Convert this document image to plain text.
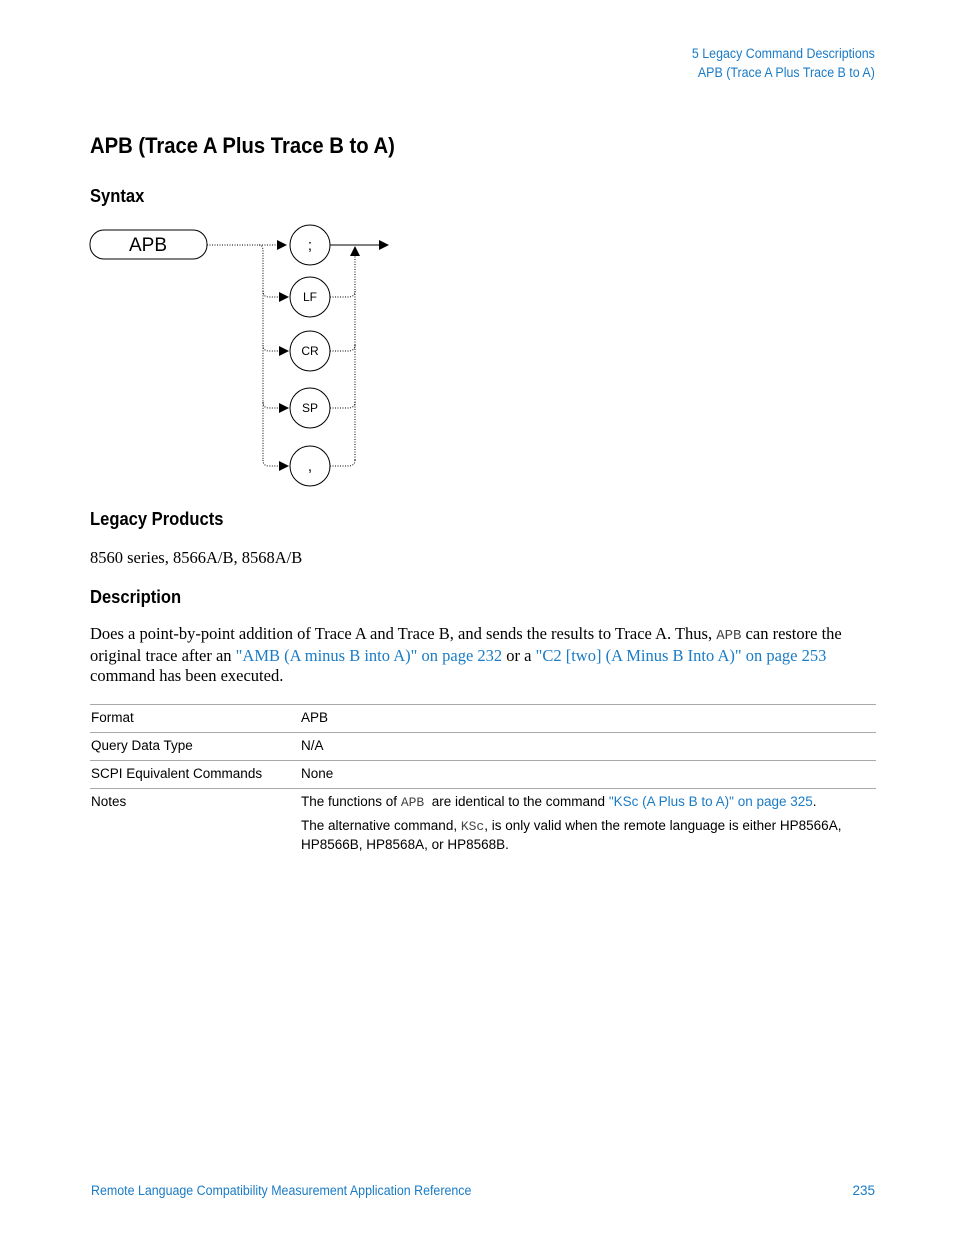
5 Legacy Command Descriptions
APB (Trace A Plus Trace B to A)
APB (Trace A Plus Trace B to A)
Syntax
APB	;
LF
CR
SP
,
Legacy Products
8560 series, 8566A/B, 8568A/B
Description
Does a point-by-point addition of Trace A and Trace B, and sends the results to Trace A. Thus, APB can restore the original trace after an "AMB (A minus B into A)" on page 232 or a "C2 [two] (A Minus B Into A)" on page 253 command has been executed.
Format	APB
Query Data Type	N/A
SCPI Equivalent Commands	None
Notes	The functions of APB  are identical to the command "KSc (A Plus B to A)" on page 325.

The alternative command, KSc, is only valid when the remote language is either HP8566A, HP8566B, HP8568A, or HP8568B.

Remote Language Compatibility Measurement Application Reference	235
